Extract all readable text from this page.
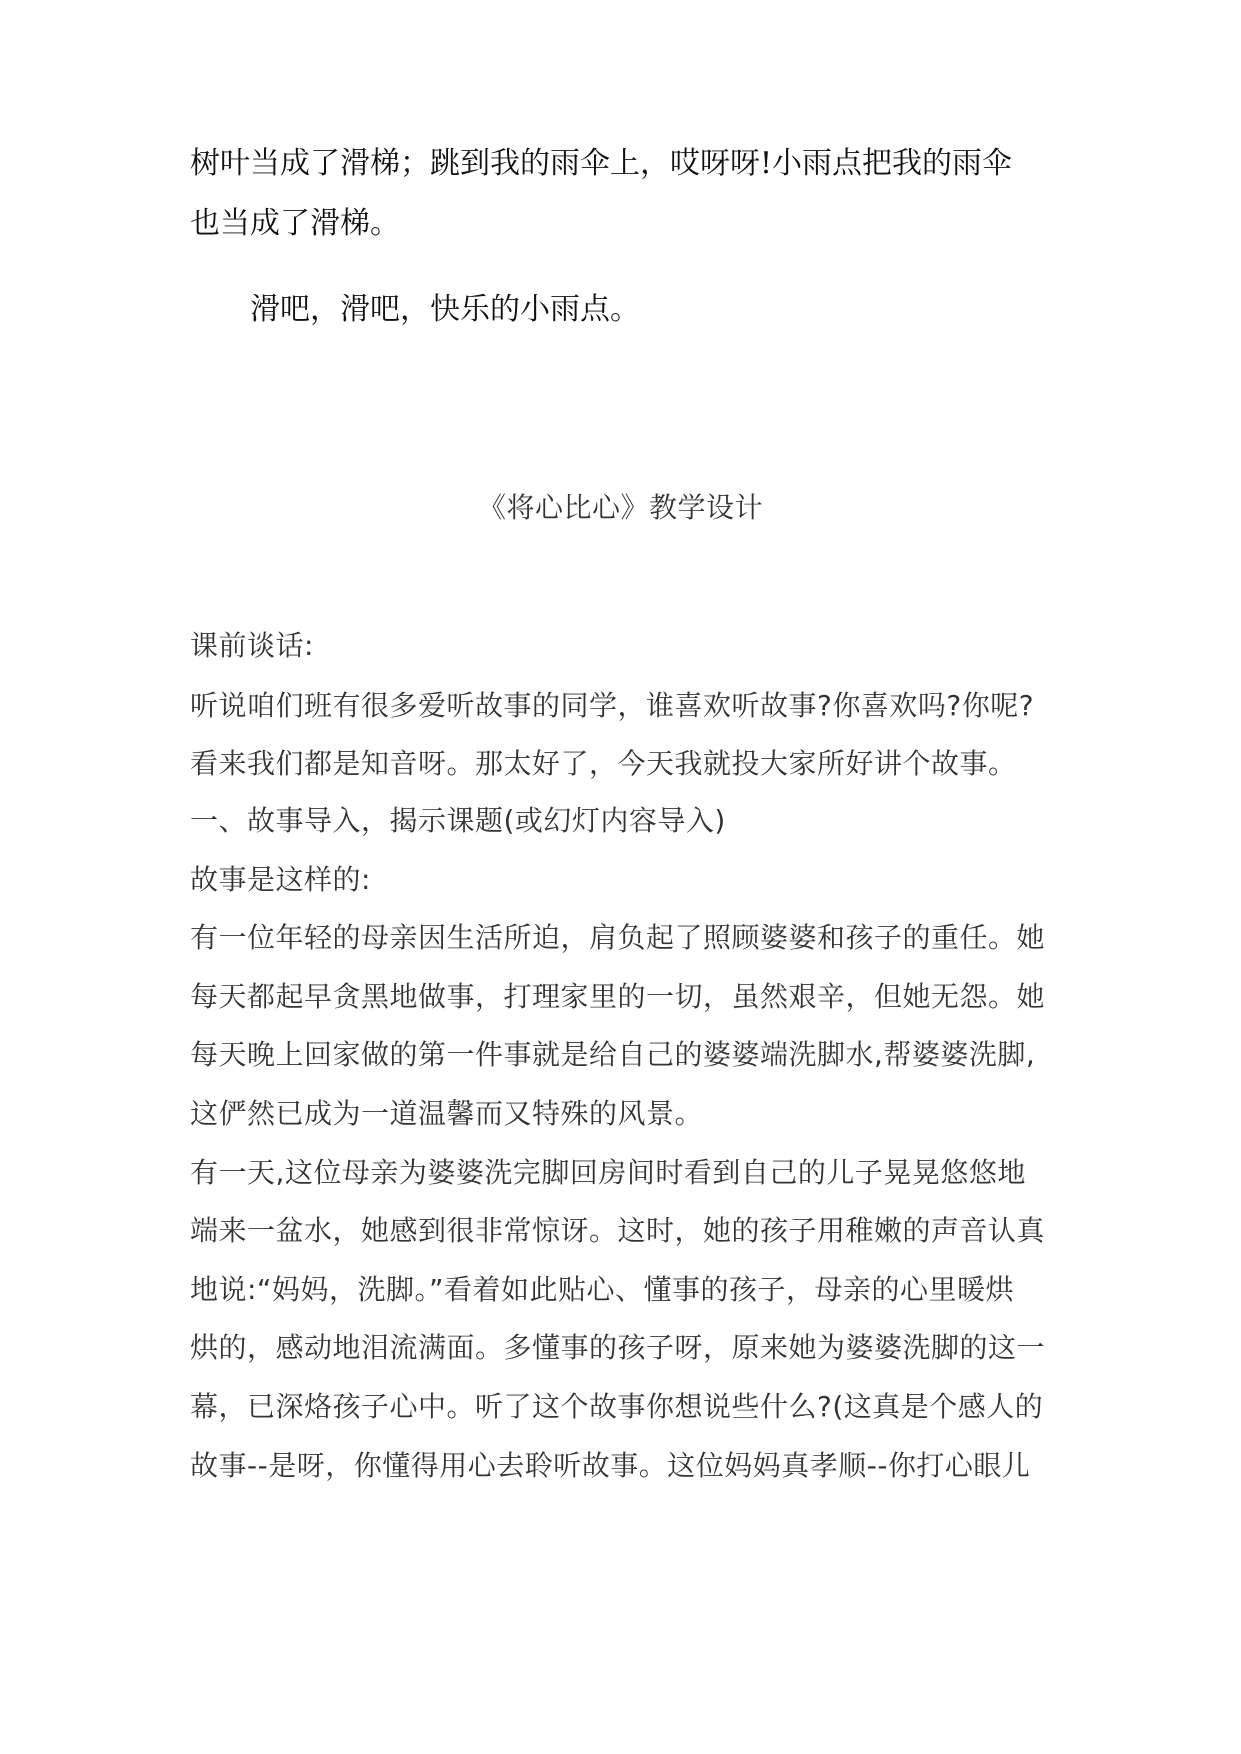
树叶当成了滑梯；跳到我的雨伞上，哎呀呀!小雨点把我的雨伞
也当成了滑梯。
滑吧，滑吧，快乐的小雨点。
《将心比心》教学设计
课前谈话:
听说咱们班有很多爱听故事的同学，谁喜欢听故事?你喜欢吗?你呢?
看来我们都是知音呀。那太好了，今天我就投大家所好讲个故事。
一、故事导入，揭示课题(或幻灯内容导入)
故事是这样的:
有一位年轻的母亲因生活所迫，肩负起了照顾婆婆和孩子的重任。她
每天都起早贪黑地做事，打理家里的一切，虽然艰辛，但她无怨。她
每天晚上回家做的第一件事就是给自己的婆婆端洗脚水,帮婆婆洗脚,
这俨然已成为一道温馨而又特殊的风景。
有一天,这位母亲为婆婆洗完脚回房间时看到自己的儿子晃晃悠悠地
端来一盆水，她感到很非常惊讶。这时，她的孩子用稚嫩的声音认真
地说:“妈妈，洗脚。”看着如此贴心、懂事的孩子，母亲的心里暖烘
烘的，感动地泪流满面。多懂事的孩子呀，原来她为婆婆洗脚的这一
幕，已深烙孩子心中。听了这个故事你想说些什么?(这真是个感人的
故事--是呀，你懂得用心去聆听故事。这位妈妈真孝顺--你打心眼儿
